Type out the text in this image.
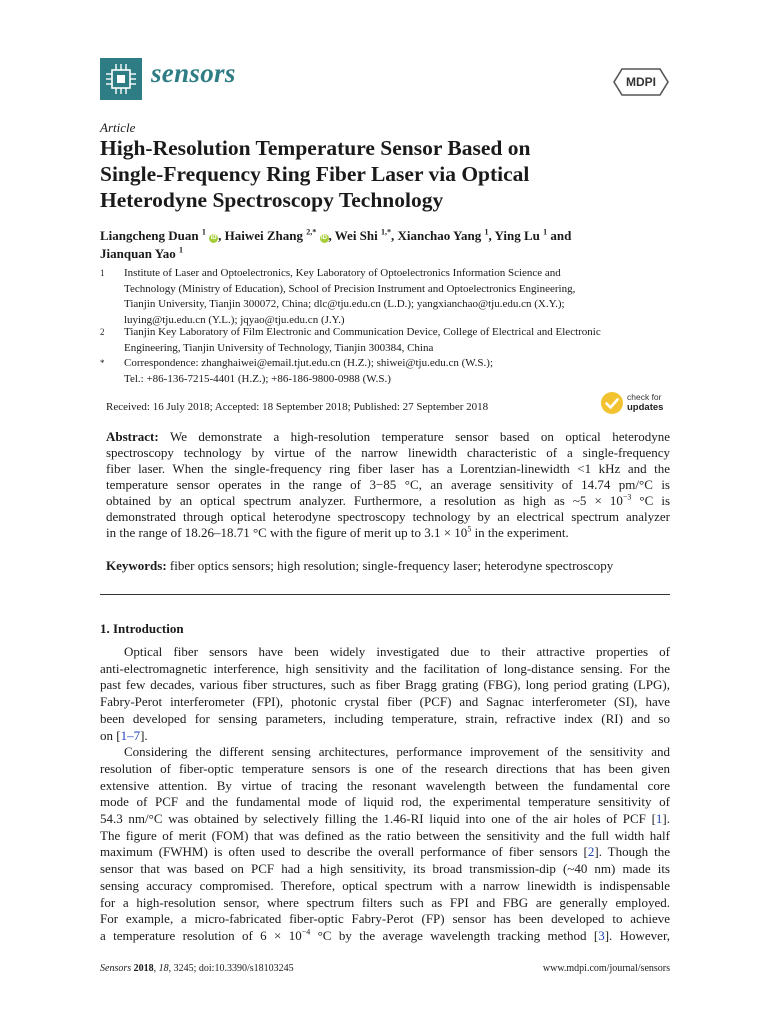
sensors	MDPI
Article
High-Resolution Temperature Sensor Based on
Single-Frequency Ring Fiber Laser via Optical
Heterodyne Spectroscopy Technology
Liangcheng Duan $^1$ iD , Haiwei Zhang $^{2,*}$ iD , Wei Shi $^{1,*}$, Xianchao Yang $^1$, Ying Lu $^1$ and
Jianquan Yao $^1$
1 Institute of Laser and Optoelectronics, Key Laboratory of Optoelectronics Information Science and
Technology (Ministry of Education), School of Precision Instrument and Optoelectronics Engineering,
Tianjin University, Tianjin 300072, China; dlc@tju.edu.cn (L.D.); yangxianchao@tju.edu.cn (X.Y.);
luying@tju.edu.cn (Y.L.); jqyao@tju.edu.cn (J.Y.)
2 Tianjin Key Laboratory of Film Electronic and Communication Device, College of Electrical and Electronic
Engineering, Tianjin University of Technology, Tianjin 300384, China
* Correspondence: zhanghaiwei@email.tjut.edu.cn (H.Z.); shiwei@tju.edu.cn (W.S.);
Tel.: +86-136-7215-4401 (H.Z.); +86-186-9800-0988 (W.S.)
Received: 16 July 2018; Accepted: 18 September 2018; Published: 27 September 2018
check for
updates
Abstract: We demonstrate a high-resolution temperature sensor based on optical heterodyne
spectroscopy technology by virtue of the narrow linewidth characteristic of a single-frequency
fiber laser. When the single-frequency ring fiber laser has a Lorentzian-linewidth <1 kHz and the
temperature sensor operates in the range of 3−85 °C, an average sensitivity of 14.74 pm/°C is
obtained by an optical spectrum analyzer. Furthermore, a resolution as high as ~5 × $10^{-3}$ °C is
demonstrated through optical heterodyne spectroscopy technology by an electrical spectrum analyzer
in the range of 18.26–18.71 °C with the figure of merit up to $3.1 \times 10^5$ in the experiment.
Keywords: fiber optics sensors; high resolution; single-frequency laser; heterodyne spectroscopy
1. Introduction
Optical fiber sensors have been widely investigated due to their attractive properties of
anti-electromagnetic interference, high sensitivity and the facilitation of long-distance sensing. For the
past few decades, various fiber structures, such as fiber Bragg grating (FBG), long period grating (LPG),
Fabry-Perot interferometer (FPI), photonic crystal fiber (PCF) and Sagnac interferometer (SI), have
been developed for sensing parameters, including temperature, strain, refractive index (RI) and so
on [1–7].
Considering the different sensing architectures, performance improvement of the sensitivity and
resolution of fiber-optic temperature sensors is one of the research directions that has been given
extensive attention. By virtue of tracing the resonant wavelength between the fundamental core
mode of PCF and the fundamental mode of liquid rod, the experimental temperature sensitivity of
54.3 nm/°C was obtained by selectively filling the 1.46-RI liquid into one of the air holes of PCF [1].
The figure of merit (FOM) that was defined as the ratio between the sensitivity and the full width half
maximum (FWHM) is often used to describe the overall performance of fiber sensors [2]. Though the
sensor that was based on PCF had a high sensitivity, its broad transmission-dip (~40 nm) made its
sensing accuracy compromised. Therefore, optical spectrum with a narrow linewidth is indispensable
for a high-resolution sensor, where spectrum filters such as FPI and FBG are generally employed.
For example, a micro-fabricated fiber-optic Fabry-Perot (FP) sensor has been developed to achieve
a temperature resolution of $6 \times 10^{-4}$ °C by the average wavelength tracking method [3]. However,
Sensors 2018, 18, 3245; doi:10.3390/s18103245	www.mdpi.com/journal/sensors
